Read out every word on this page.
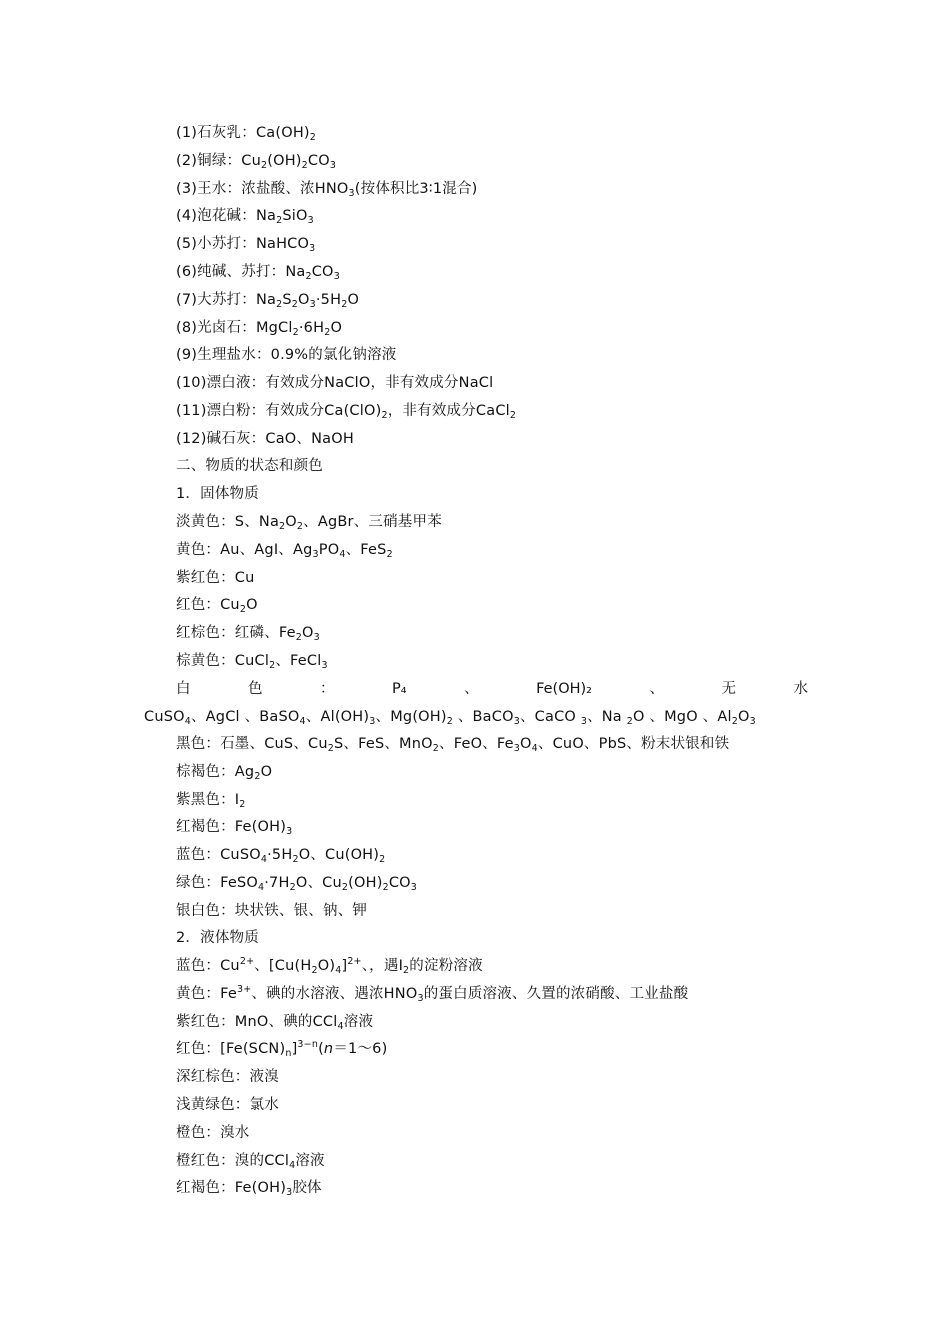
(1)石灰乳：$Ca(OH)_2$
(2)铜绿：$Cu_2(OH)_2CO_3$
(3)王水：浓盐酸、浓$HNO_3$(按体积比3∶1混合)
(4)泡花碱：$Na_2SiO_3$
(5)小苏打：NaHCO$_3$
(6)纯碱、苏打：$Na_2CO_3$
(7)大苏打：$Na_2S_2O_3\cdot 5H_2O$
(8)光卤石：$MgCl_2\cdot 6H_2O$
(9)生理盐水：0.9%的氯化钠溶液
(10)漂白液：有效成分NaClO，非有效成分NaCl
(11)漂白粉：有效成分$Ca(ClO)_2$，非有效成分CaCl$_2$
(12)碱石灰：CaO、NaOH
二、物质的状态和颜色
1．固体物质
淡黄色：S、$Na_2O_2$、AgBr、三硝基甲苯
黄色：Au、AgI、$Ag_3PO_4$、FeS$_2$
紫红色：Cu
红色：$Cu_2O$
红棕色：红磷、$Fe_2O_3$
棕黄色：CuCl$_2$、FeCl$_3$
白	色	：	P₄	、	Fe(OH)₂	、	无	水
CuSO$_4$、AgCl 、BaSO$_4$、$Al(OH)_3$、$Mg(OH)_2$ 、BaCO$_3$、CaCO $_3$、Na $_2$O 、MgO 、$Al_2O_3$
黑色：石墨、CuS、$Cu_2S$、FeS、MnO$_2$、FeO、$Fe_3O_4$、CuO、PbS、粉末状银和铁
棕褐色：$Ag_2O$
紫黑色：$I_2$
红褐色：$Fe(OH)_3$
蓝色：$CuSO_4\cdot 5H_2O$、$Cu(OH)_2$
绿色：$FeSO_4\cdot 7H_2O$、$Cu_2(OH)_2CO_3$
银白色：块状铁、银、钠、钾
2．液体物质
蓝色：$Cu^{2+}$、$[Cu(H_2O)_4]^{2+}$、，遇$I_2$的淀粉溶液
黄色：$Fe^{3+}$、碘的水溶液、遇浓$HNO_3$的蛋白质溶液、久置的浓硝酸、工业盐酸
紫红色：MnO、碘的CCl$_4$溶液
红色：$[Fe(SCN)_n]^{3-n}(n=1\sim 6)$
深红棕色：液溴
浅黄绿色：氯水
橙色：溴水
橙红色：溴的CCl$_4$溶液
红褐色：$Fe(OH)_3$胶体
